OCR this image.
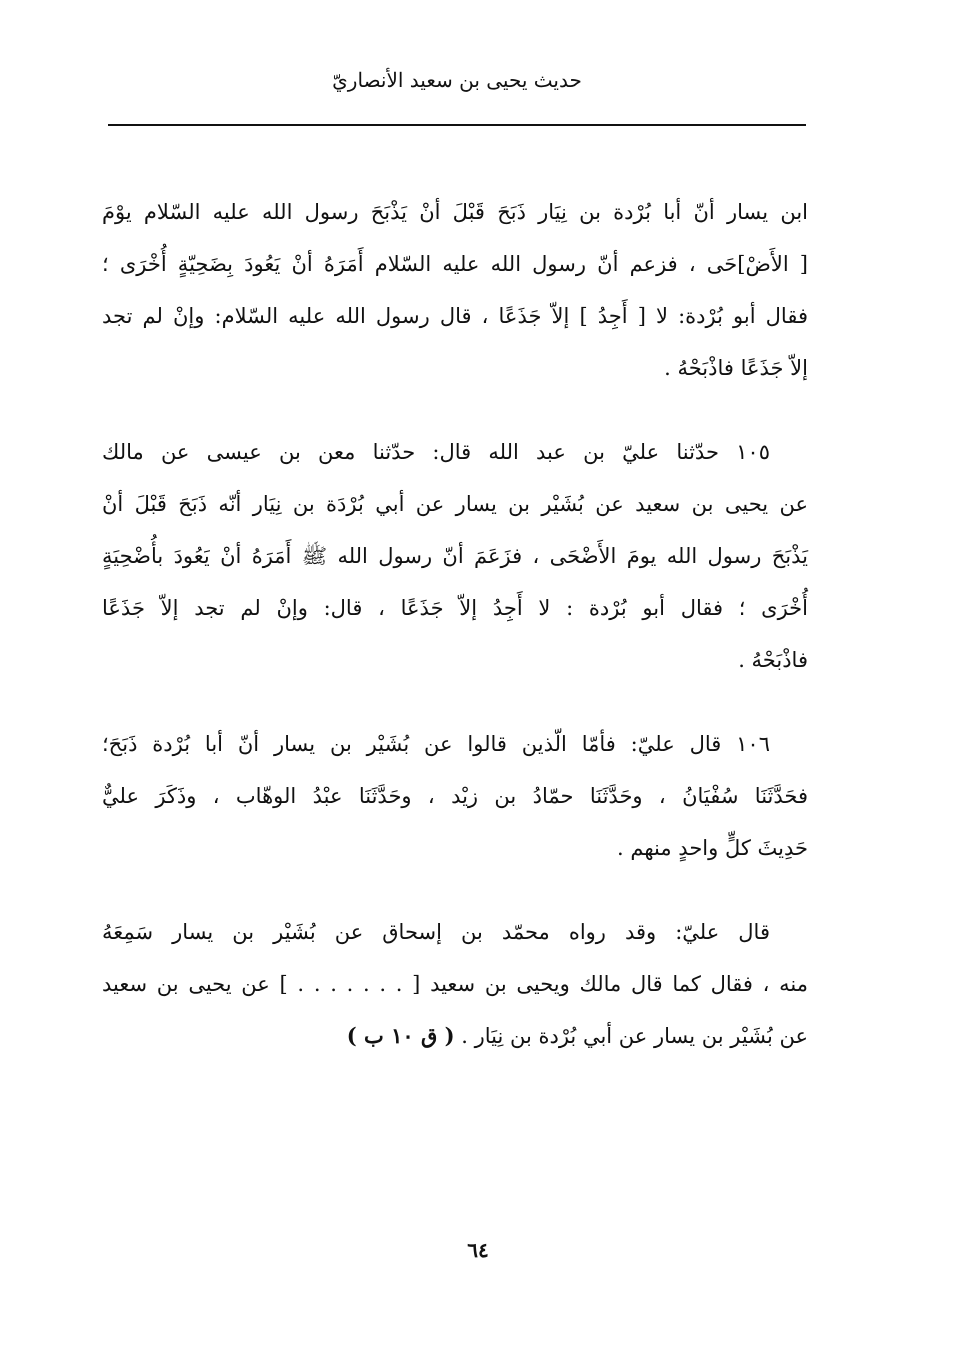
حديث يحيى بن سعيد الأنصاريّ
ابن يسار أنّ أبا بُرْدة بن نِيَار ذَبَحَ قَبْلَ أنْ يَذْبَحَ رسول الله عليه السّلام يوْمَ
[ الأَضْ]حَى ، فزعم أنّ رسول الله عليه السّلام أَمَرَهُ أنْ يَعُودَ بِضَحِيّةٍ أُخْرَى ؛
فقال أبو بُرْدة: لا [ أَجِدُ ] إلاّ جَذَعًا ، قال رسول الله عليه السّلام: وإنْ لم تجد
إلاّ جَذَعًا فاذْبَحْهُ .
١٠٥ حدّثنا عليّ بن عبد الله قال: حدّثنا معن بن عيسى عن مالك
عن يحيى بن سعيد عن بُشَيْر بن يسار عن أبي بُرْدَة بن نِيَار أنّه ذَبَحَ قَبْلَ أنْ
يَذْبَحَ رسول الله يومَ الأَضْحَى ، فزَعَمَ أنّ رسول الله ﷺ أَمَرَهُ أنْ يَعُودَ بأُضْحِيَةٍ
أُخْرَى ؛ فقال أبو بُرْدة : لا أَجِدُ إلاّ جَذَعًا ، قال: وإنْ لم تجد إلاّ جَذَعًا
فاذْبَحْهُ .
١٠٦ قال عليّ: فأمّا الّذين قالوا عن بُشَيْر بن يسار أنّ أبا بُرْدة ذَبَحَ؛
فحَدَّثَنَا سُفْيَانُ ، وحَدَّثَنَا حمّادُ بن زيْد ، وحَدَّثَنَا عبْدُ الوهّاب ، وذَكَرَ عليٌّ
حَدِيثَ كلٍّ واحدٍ منهم .
قال عليّ: وقد رواه محمّد بن إسحاق عن بُشَيْر بن يسار سَمِعَهُ
منه ، فقال كما قال مالك ويحيى بن سعيد [ . . . . . . . ] عن يحيى بن سعيد
عن بُشَيْر بن يسار عن أبي بُرْدة بن نِيَار . ( ق ١٠ ب )
٦٤
